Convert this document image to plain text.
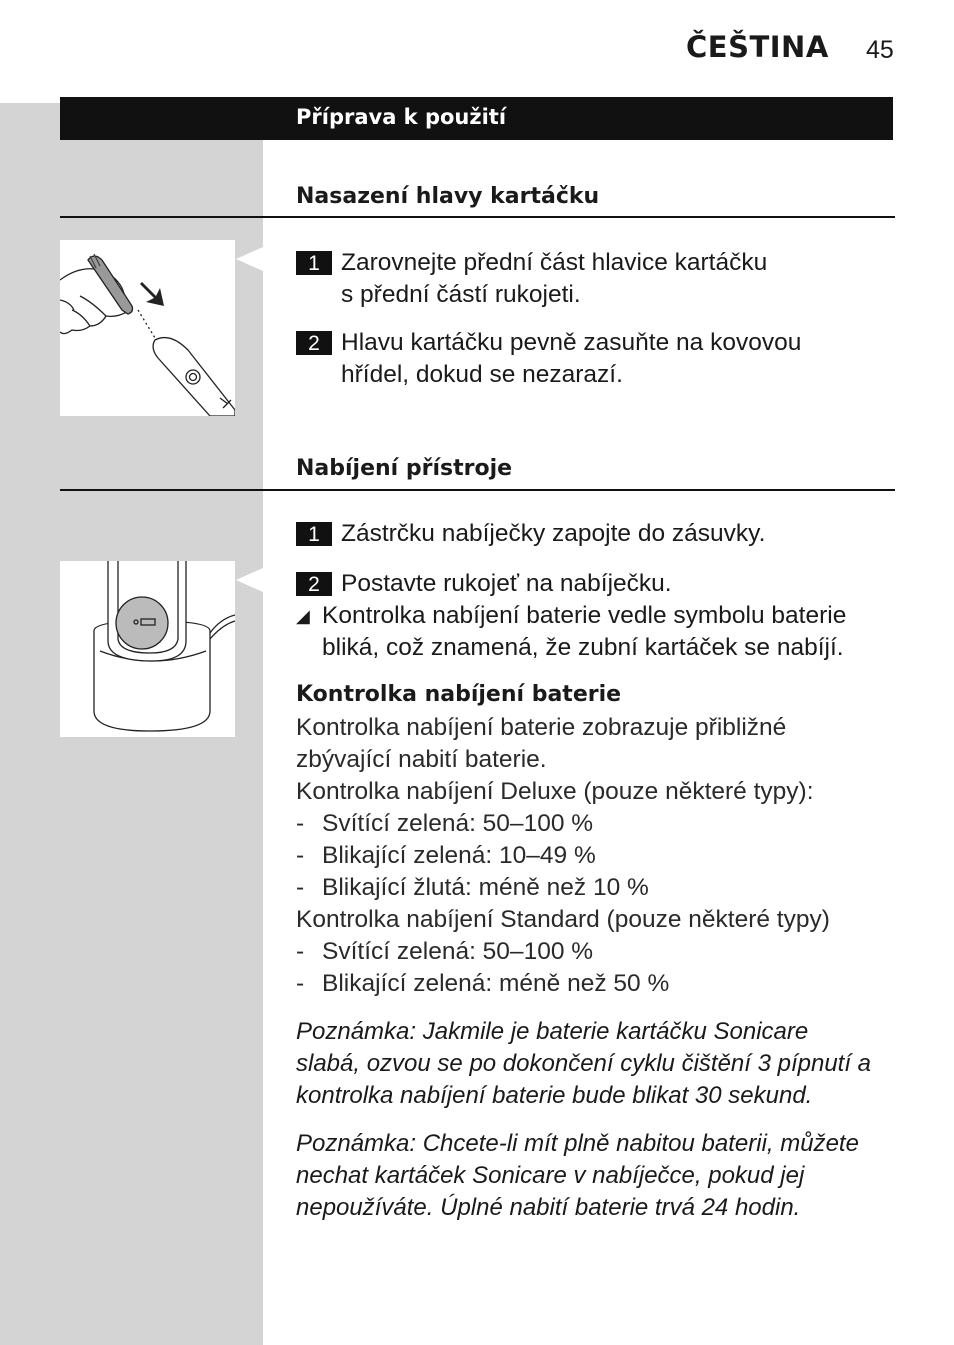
ČEŠTINA 45
Příprava k použití
Nasazení hlavy kartáčku
1 Zarovnejte přední část hlavice kartáčku
s přední částí rukojeti.
2 Hlavu kartáčku pevně zasuňte na kovovou
hřídel, dokud se nezarazí.
Nabíjení přístroje
1 Zástrčku nabíječky zapojte do zásuvky.
2 Postavte rukojeť na nabíječku.
◢ Kontrolka nabíjení baterie vedle symbolu baterie
bliká, což znamená, že zubní kartáček se nabíjí.
Kontrolka nabíjení baterie
Kontrolka nabíjení baterie zobrazuje přibližné
zbývající nabití baterie.
Kontrolka nabíjení Deluxe (pouze některé typy):
- Svítící zelená: 50–100 %
- Blikající zelená: 10–49 %
- Blikající žlutá: méně než 10 %
Kontrolka nabíjení Standard (pouze některé typy)
- Svítící zelená: 50–100 %
- Blikající zelená: méně než 50 %
Poznámka: Jakmile je baterie kartáčku Sonicare
slabá, ozvou se po dokončení cyklu čištění 3 pípnutí a
kontrolka nabíjení baterie bude blikat 30 sekund.
Poznámka: Chcete-li mít plně nabitou baterii, můžete
nechat kartáček Sonicare v nabíječce, pokud jej
nepoužíváte. Úplné nabití baterie trvá 24 hodin.
